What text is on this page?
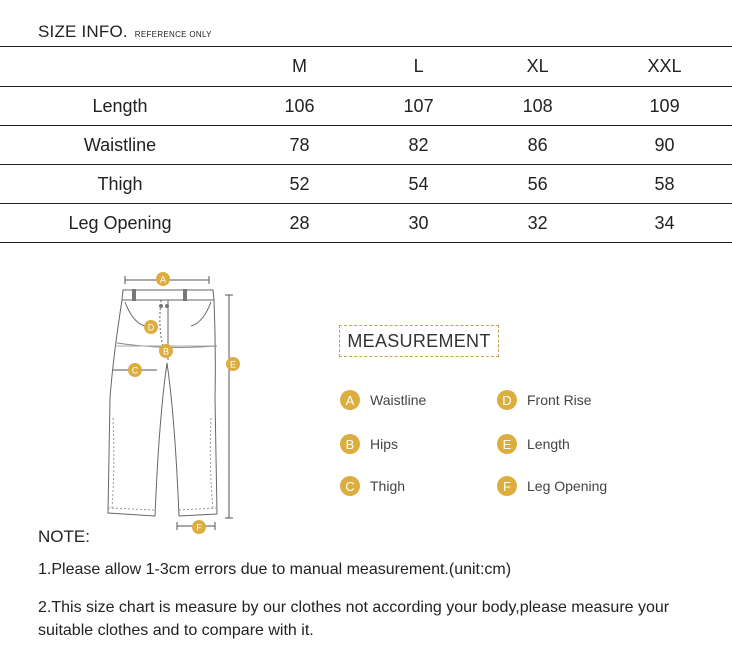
SIZE INFO. REFERENCE ONLY
	M	L	XL	XXL
Length	106	107	108	109
Waistline	78	82	86	90
Thigh	52	54	56	58
Leg Opening	28	30	32	34
A
B
C
D
E
F
MEASUREMENT
A	Waistline
B	Hips
C	Thigh
D	Front Rise
E	Length
F	Leg Opening
NOTE:
1.Please allow 1-3cm errors due to manual measurement.(unit:cm)
2.This size chart is measure by our clothes not according your body,please measure your suitable clothes and to compare with it.
